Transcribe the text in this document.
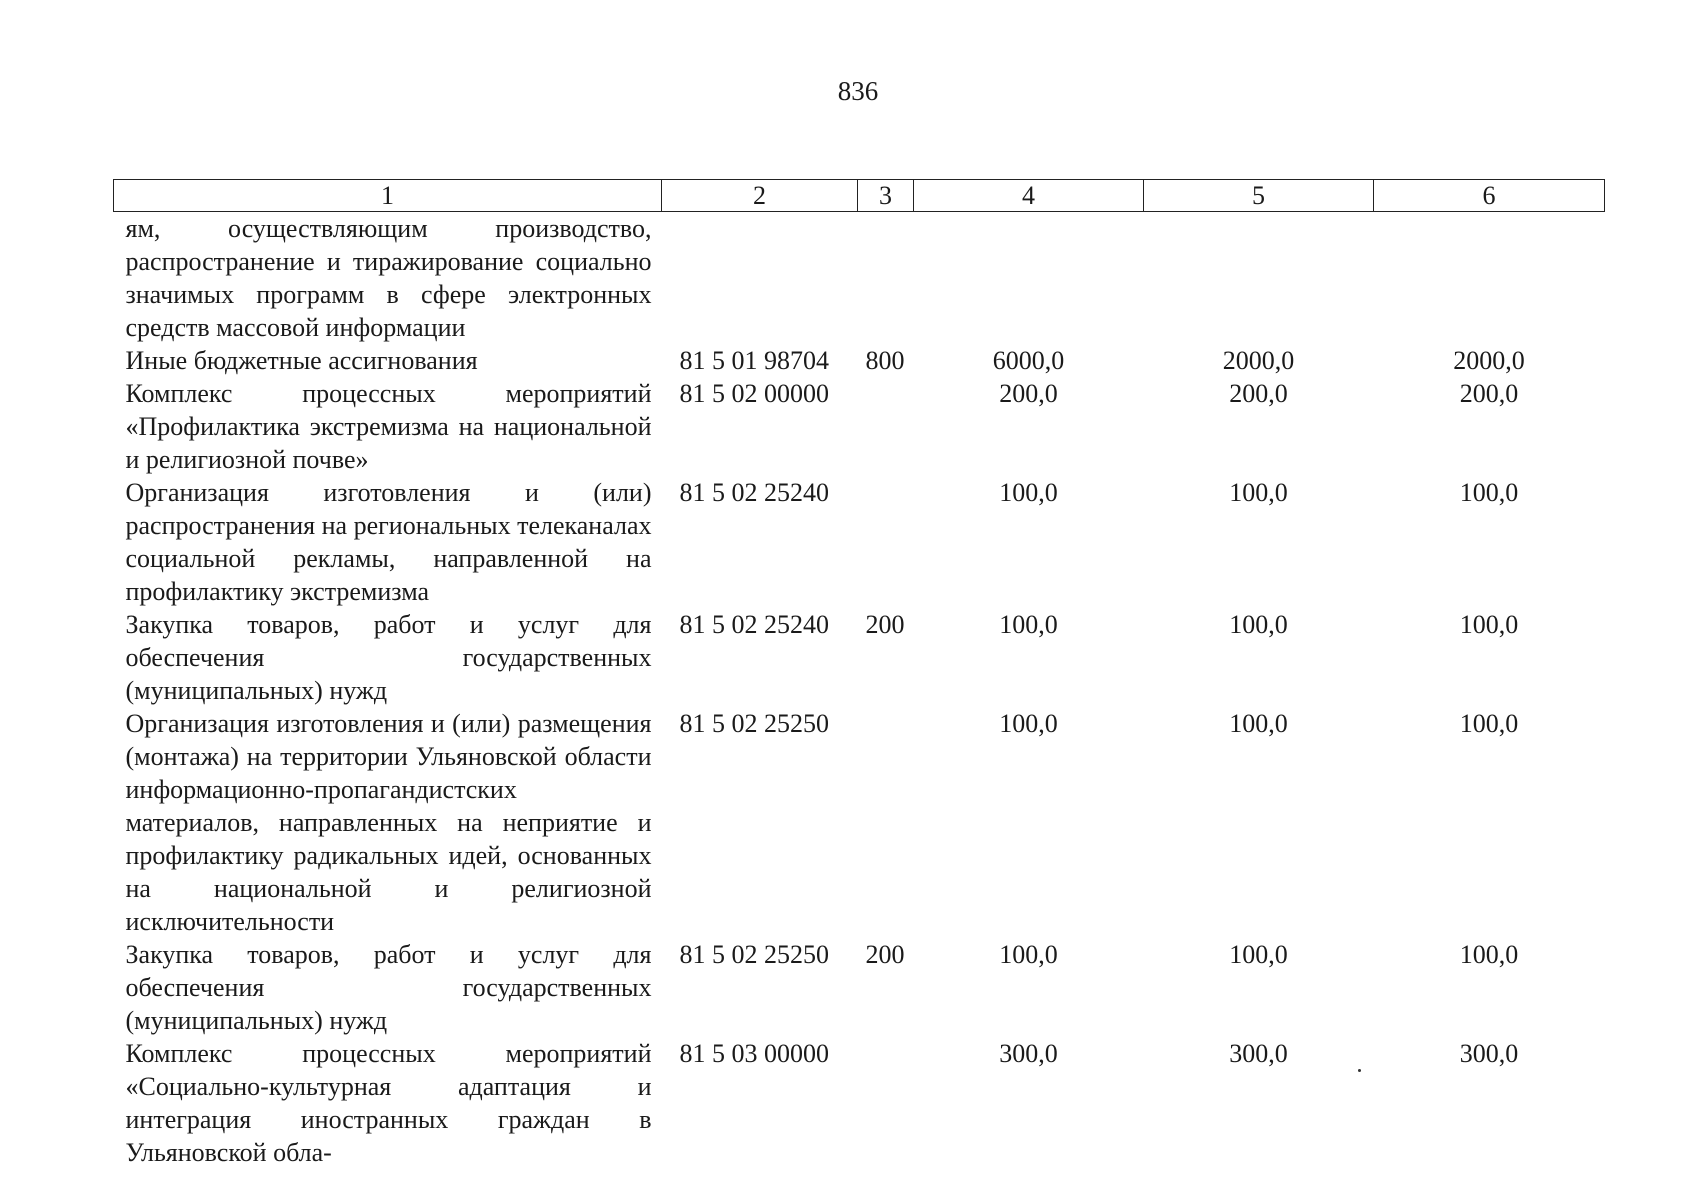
836
1	2	3	4	5	6
ям, осуществляющим производство, распространение и тиражирование социально значимых программ в сфере электронных средств массовой информации					
Иные бюджетные ассигнования	81 5 01 98704	800	6000,0	2000,0	2000,0
Комплекс процессных мероприятий «Профилактика экстремизма на национальной и религиозной почве»	81 5 02 00000		200,0	200,0	200,0
Организация изготовления и (или) распространения на региональных телеканалах социальной рекламы, направленной на профилактику экстремизма	81 5 02 25240		100,0	100,0	100,0
Закупка товаров, работ и услуг для обеспечения государственных (муниципальных) нужд	81 5 02 25240	200	100,0	100,0	100,0
Организация изготовления и (или) размещения (монтажа) на территории Ульяновской области информационно-пропагандистских материалов, направленных на неприятие и профилактику радикальных идей, основанных на национальной и религиозной исключительности	81 5 02 25250		100,0	100,0	100,0
Закупка товаров, работ и услуг для обеспечения государственных (муниципальных) нужд	81 5 02 25250	200	100,0	100,0	100,0
Комплекс процессных мероприятий «Социально-культурная адаптация и интеграция иностранных граждан в Ульяновской обла-	81 5 03 00000		300,0	300,0	300,0
